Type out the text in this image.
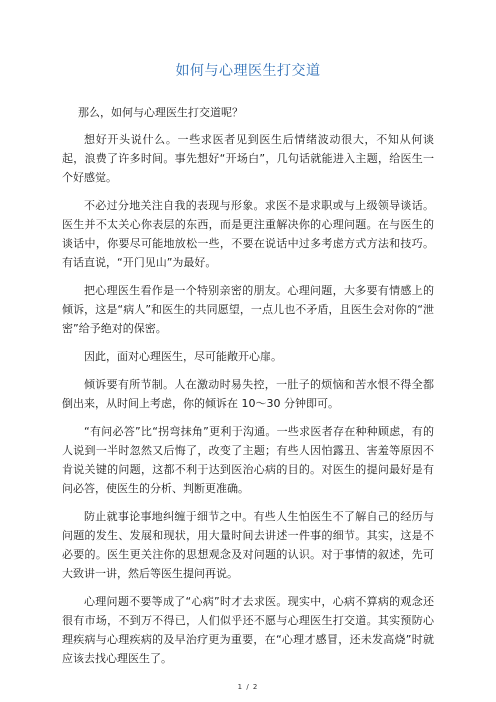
如何与心理医生打交道

那么，如何与心理医生打交道呢？

想好开头说什么。一些求医者见到医生后情绪波动很大，不知从何谈起，浪费了许多时间。事先想好“开场白”，几句话就能进入主题，给医生一个好感觉。

不必过分地关注自我的表现与形象。求医不是求职或与上级领导谈话。医生并不太关心你表层的东西，而是更注重解决你的心理问题。在与医生的谈话中，你要尽可能地放松一些，不要在说话中过多考虑方式方法和技巧。有话直说，“开门见山”为最好。

把心理医生看作是一个特别亲密的朋友。心理问题，大多要有情感上的倾诉，这是“病人”和医生的共同愿望，一点儿也不矛盾，且医生会对你的“泄密”给予绝对的保密。

因此，面对心理医生，尽可能敞开心扉。

倾诉要有所节制。人在激动时易失控，一肚子的烦恼和苦水恨不得全都倒出来，从时间上考虑，你的倾诉在 10～30 分钟即可。

“有问必答”比“拐弯抹角”更利于沟通。一些求医者存在种种顾虑，有的人说到一半时忽然又后悔了，改变了主题；有些人因怕露丑、害羞等原因不肯说关键的问题，这都不利于达到医治心病的目的。对医生的提问最好是有问必答，使医生的分析、判断更准确。

防止就事论事地纠缠于细节之中。有些人生怕医生不了解自己的经历与问题的发生、发展和现状，用大量时间去讲述一件事的细节。其实，这是不必要的。医生更关注你的思想观念及对问题的认识。对于事情的叙述，先可大致讲一讲，然后等医生提问再说。

心理问题不要等成了“心病”时才去求医。现实中，心病不算病的观念还很有市场，不到万不得已，人们似乎还不愿与心理医生打交道。其实预防心理疾病与心理疾病的及早治疗更为重要，在“心理才感冒，还未发高烧”时就应该去找心理医生了。

1 / 2
